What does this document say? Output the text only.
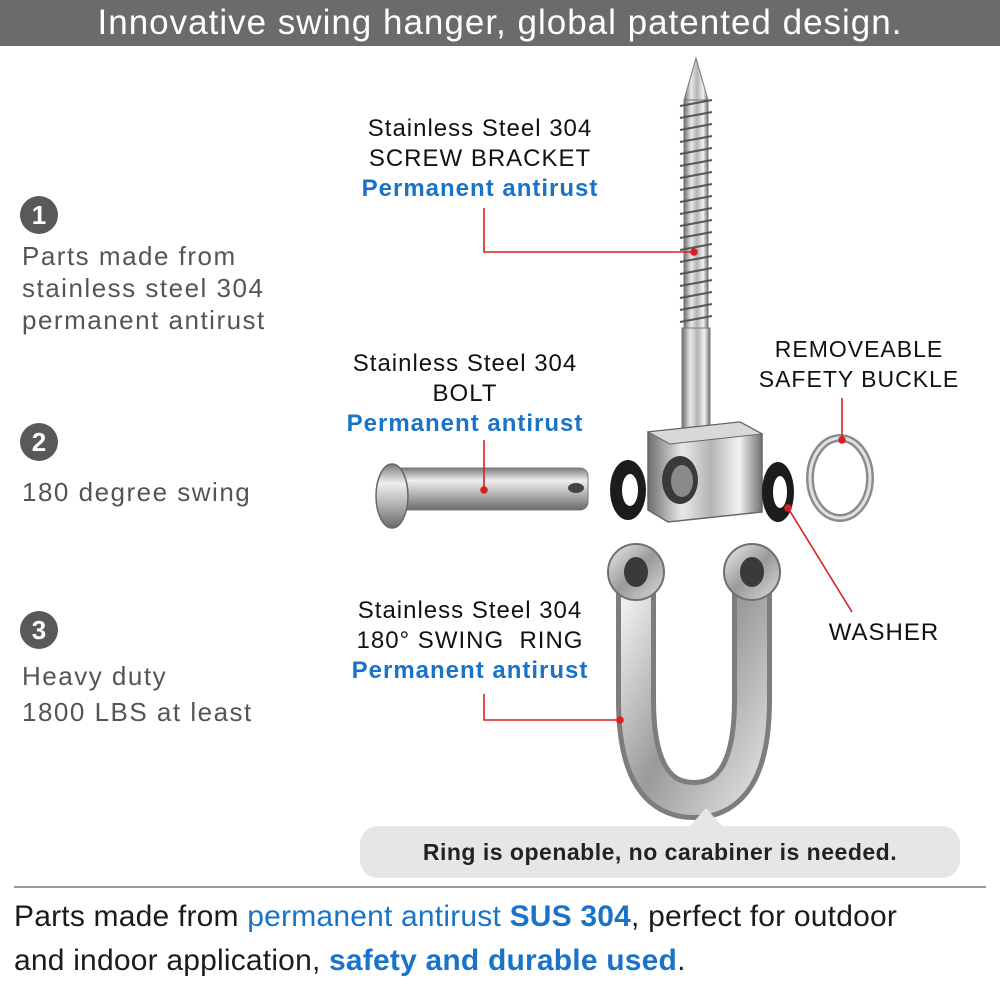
Innovative swing hanger, global patented design.
1
Parts made from
stainless steel 304
permanent antirust
2
180 degree swing
3
Heavy duty
1800 LBS at least
Stainless Steel 304
SCREW BRACKET
Permanent antirust
Stainless Steel 304
BOLT
Permanent antirust
Stainless Steel 304
180° SWING  RING
Permanent antirust
REMOVEABLE
SAFETY BUCKLE
WASHER
Ring is openable, no carabiner is needed.
Parts made from permanent antirust SUS 304, perfect for outdoor
and indoor application, safety and durable used.
